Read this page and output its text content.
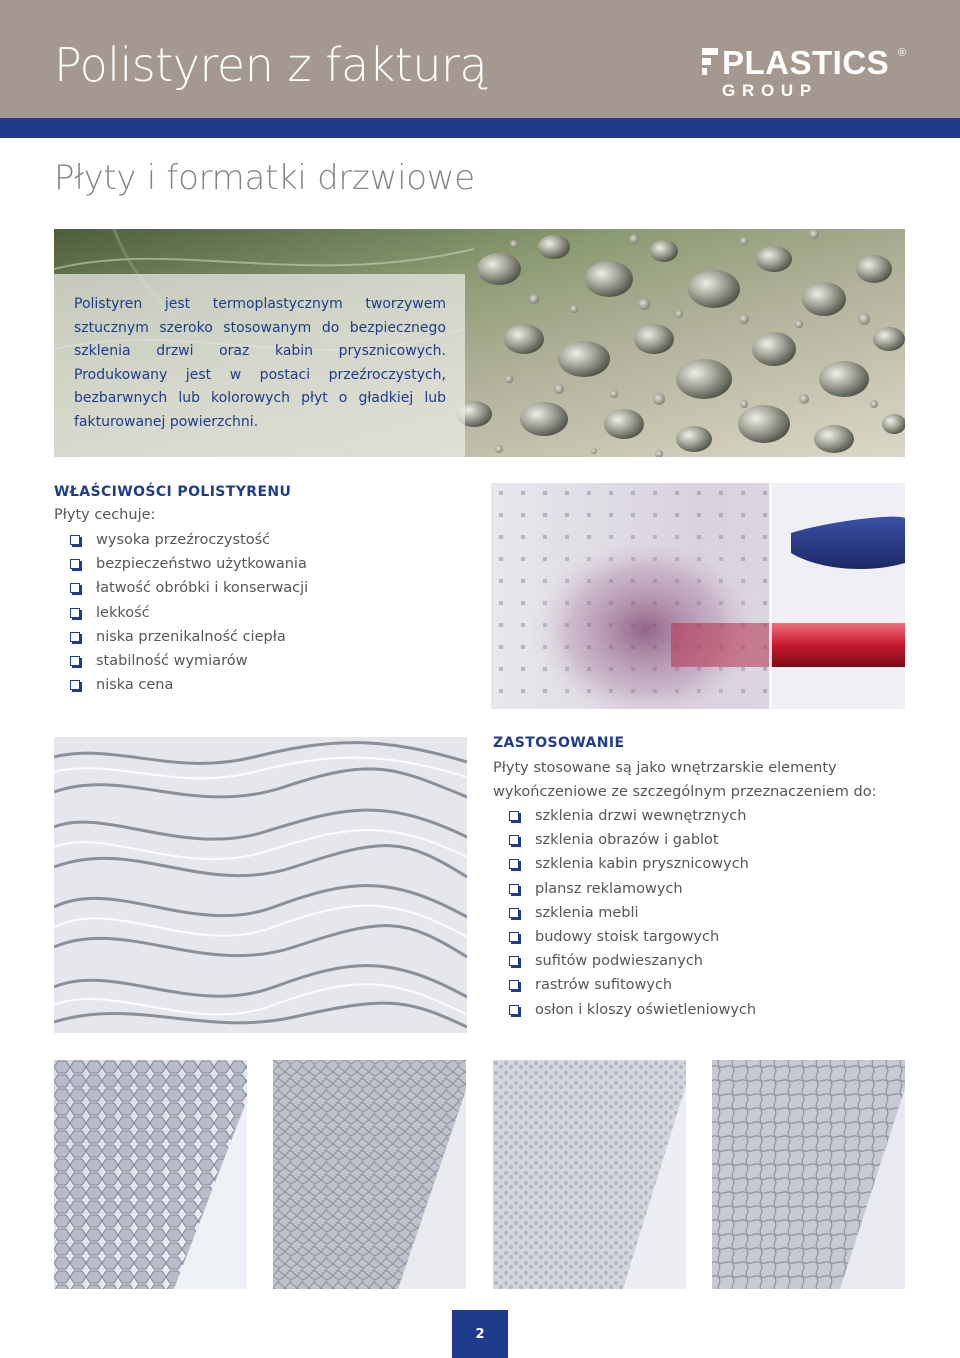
Polistyren z fakturą	PLASTICS ®
G R O U P
Płyty i formatki drzwiowe
Polistyren jest termoplastycznym tworzywem sztucznym szeroko stosowanym do bezpiecznego szklenia drzwi oraz kabin prysznicowych. Produkowany jest w postaci przeźroczystych, bezbarwnych lub kolorowych płyt o gładkiej lub fakturowanej powierzchni.
WŁAŚCIWOŚCI POLISTYRENU
Płyty cechuje:
wysoka przeźroczystość
bezpieczeństwo użytkowania
łatwość obróbki i konserwacji
lekkość
niska przenikalność ciepła
stabilność wymiarów
niska cena
ZASTOSOWANIE
Płyty stosowane są jako wnętrzarskie elementy wykończeniowe ze szczególnym przeznaczeniem do:
szklenia drzwi wewnętrznych
szklenia obrazów i gablot
szklenia kabin prysznicowych
plansz reklamowych
szklenia mebli
budowy stoisk targowych
sufitów podwieszanych
rastrów sufitowych
osłon i kloszy oświetleniowych
2
